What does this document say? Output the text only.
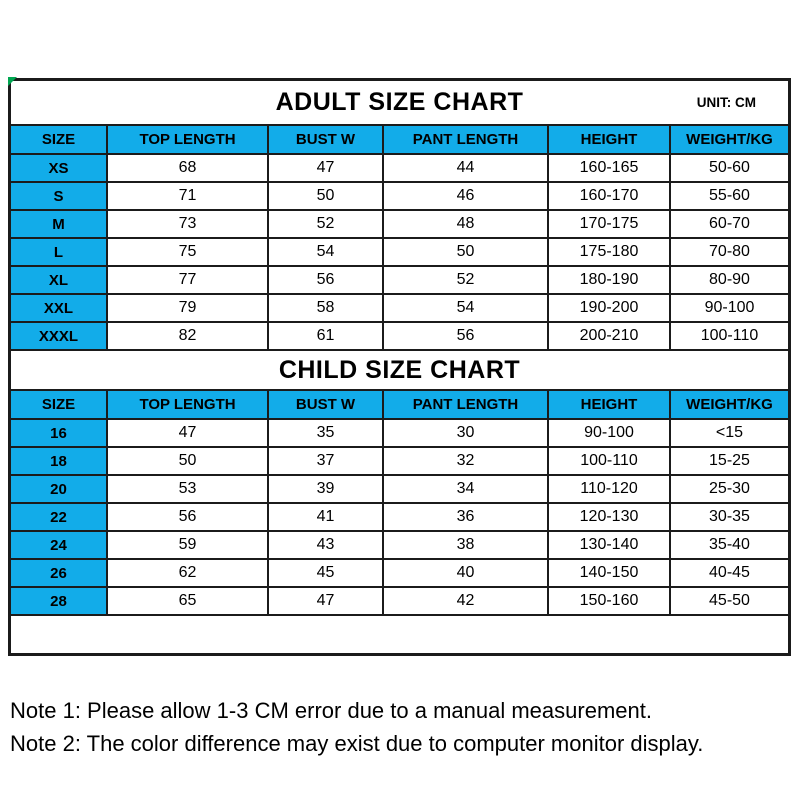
ADULT SIZE CHART	UNIT: CM
SIZE	TOP LENGTH	BUST W	PANT LENGTH	HEIGHT	WEIGHT/KG
XS	68	47	44	160-165	50-60
S	71	50	46	160-170	55-60
M	73	52	48	170-175	60-70
L	75	54	50	175-180	70-80
XL	77	56	52	180-190	80-90
XXL	79	58	54	190-200	90-100
XXXL	82	61	56	200-210	100-110
CHILD SIZE CHART
SIZE	TOP LENGTH	BUST W	PANT LENGTH	HEIGHT	WEIGHT/KG
16	47	35	30	90-100	<15
18	50	37	32	100-110	15-25
20	53	39	34	110-120	25-30
22	56	41	36	120-130	30-35
24	59	43	38	130-140	35-40
26	62	45	40	140-150	40-45
28	65	47	42	150-160	45-50
Note 1: Please allow 1-3 CM error due to a manual measurement.
Note 2: The color difference may exist due to computer monitor display.
